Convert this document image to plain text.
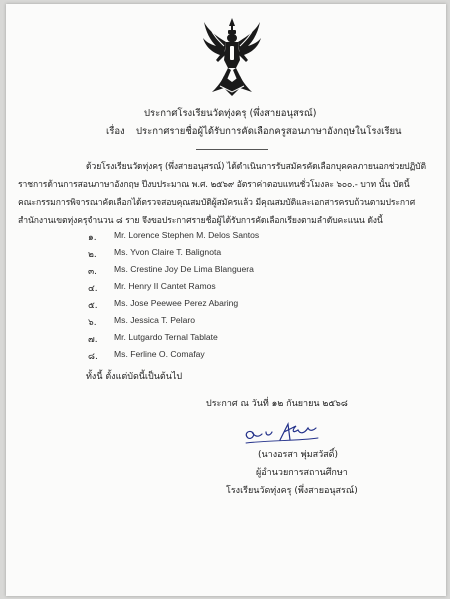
ประกาศโรงเรียนวัดทุ่งครุ (พึ่งสายอนุสรณ์)
เรื่อง ประกาศรายชื่อผู้ได้รับการคัดเลือกครูสอนภาษาอังกฤษในโรงเรียน
ด้วยโรงเรียนวัดทุ่งครุ (พึ่งสายอนุสรณ์) ได้ดำเนินการรับสมัครคัดเลือกบุคคลภายนอกช่วยปฏิบัติ
ราชการด้านการสอนภาษาอังกฤษ ปีงบประมาณ พ.ศ. ๒๕๖๙ อัตราค่าตอบแทนชั่วโมงละ ๖๐๐.- บาท นั้น บัดนี้
คณะกรรมการพิจารณาคัดเลือกได้ตรวจสอบคุณสมบัติผู้สมัครแล้ว มีคุณสมบัติและเอกสารครบถ้วนตามประกาศ
สำนักงานเขตทุ่งครุจำนวน ๘ ราย จึงขอประกาศรายชื่อผู้ได้รับการคัดเลือกเรียงตามลำดับคะแนน ดังนี้
๑. Mr. Lorence Stephen M. Delos Santos
๒. Ms. Yvon Claire T. Balignota
๓. Ms. Crestine Joy De Lima Blanguera
๔. Mr. Henry II Cantet Ramos
๕. Ms. Jose Peewee Perez Abaring
๖. Ms. Jessica T. Pelaro
๗. Mr. Lutgardo Ternal Tablate
๘. Ms. Ferline O. Comafay
ทั้งนี้ ตั้งแต่บัดนี้เป็นต้นไป
ประกาศ ณ วันที่ ๑๒ กันยายน ๒๕๖๘
(นางอรสา พุ่มสวัสดิ์)
ผู้อำนวยการสถานศึกษา
โรงเรียนวัดทุ่งครุ (พึ่งสายอนุสรณ์)
